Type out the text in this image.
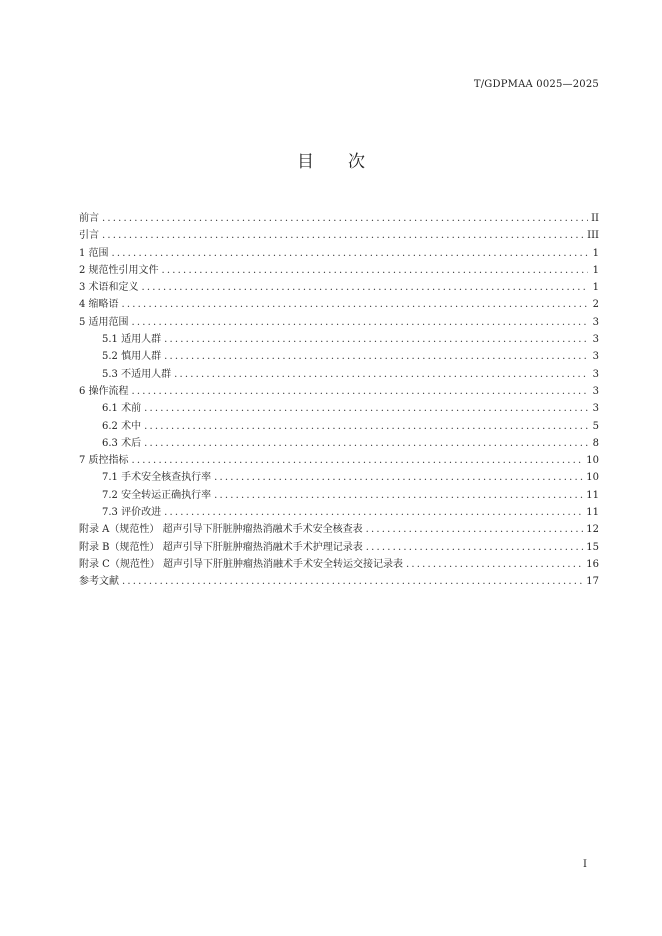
T/GDPMAA 0025—2025
目 次
前言 .....	II
引言 .....	III
1 范围 .....	1
2 规范性引用文件 .....	1
3 术语和定义 .....	1
4 缩略语 .....	2
5 适用范围 .....	3
5.1 适用人群 .....	3
5.2 慎用人群 .....	3
5.3 不适用人群 .....	3
6 操作流程 .....	3
6.1 术前 .....	3
6.2 术中 .....	5
6.3 术后 .....	8
7 质控指标 .....	10
7.1 手术安全核查执行率 .....	10
7.2 安全转运正确执行率 .....	11
7.3 评价改进 .....	11
附录 A（规范性） 超声引导下肝脏肿瘤热消融术手术安全核查表 .....	12
附录 B（规范性） 超声引导下肝脏肿瘤热消融术手术护理记录表 .....	15
附录 C（规范性） 超声引导下肝脏肿瘤热消融术手术安全转运交接记录表 .....	16
参考文献 .....	17
I
